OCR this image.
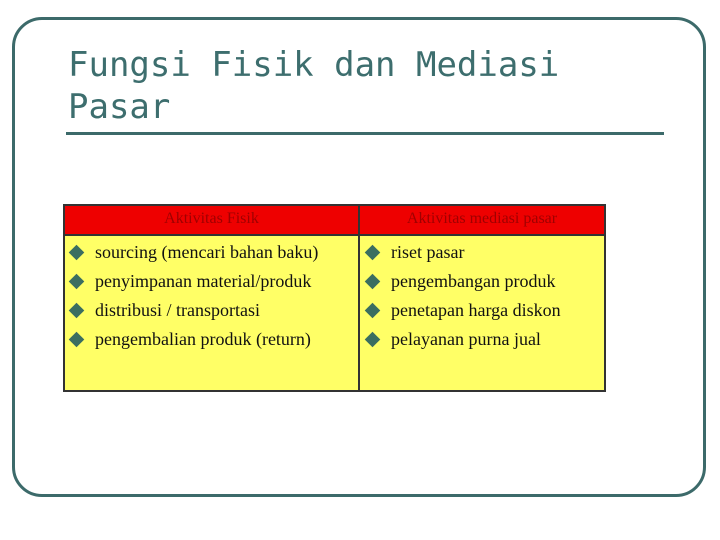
Fungsi Fisik dan Mediasi Pasar
Aktivitas Fisik	Aktivitas mediasi pasar
sourcing (mencari bahan baku)
penyimpanan material/produk
distribusi / transportasi
pengembalian produk (return)
riset pasar
pengembangan produk
penetapan harga diskon
pelayanan purna jual
